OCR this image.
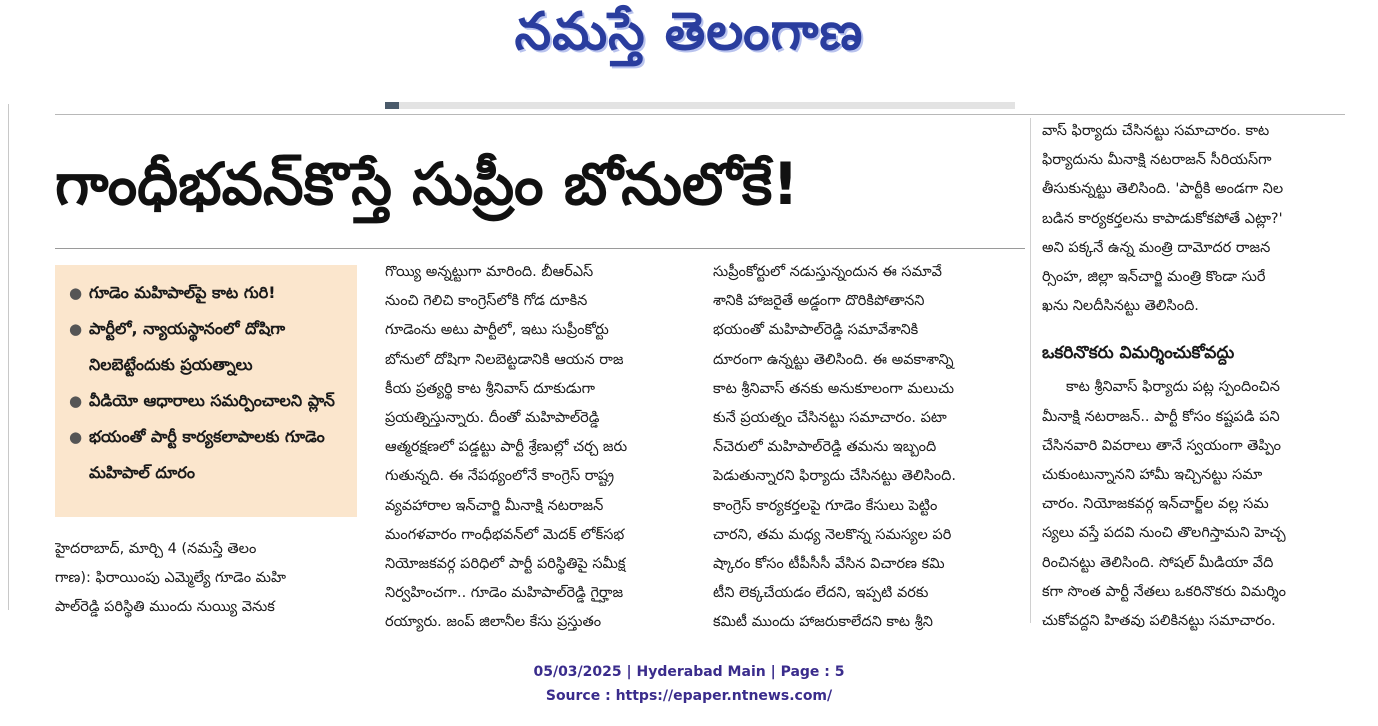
నమస్తే తెలంగాణ
గాంధీభవన్‌కొస్తే సుప్రీం బోనులోకే!
● గూడెం మహిపాల్‌పై కాట గురి!
● పార్టీలో, న్యాయస్థానంలో దోషిగా నిలబెట్టేందుకు ప్రయత్నాలు
● వీడియో ఆధారాలు సమర్పించాలని ప్లాన్
● భయంతో పార్టీ కార్యకలాపాలకు గూడెం మహిపాల్ దూరం
హైదరాబాద్, మార్చి 4 (నమస్తే తెలం
గాణ): ఫిరాయింపు ఎమ్మెల్యే గూడెం మహి
పాల్‌రెడ్డి పరిస్థితి ముందు నుయ్యి వెనుక
గొయ్యి అన్నట్టుగా మారింది. బీఆర్‌ఎస్
నుంచి గెలిచి కాంగ్రెస్‌లోకి గోడ దూకిన
గూడెంను అటు పార్టీలో, ఇటు సుప్రీంకోర్టు
బోనులో దోషిగా నిలబెట్టడానికి ఆయన రాజ
కీయ ప్రత్యర్థి కాట శ్రీనివాస్ దూకుడుగా
ప్రయత్నిస్తున్నారు. దీంతో మహిపాల్‌రెడ్డి
ఆత్మరక్షణలో పడ్డట్టు పార్టీ శ్రేణుల్లో చర్చ జరు
గుతున్నది. ఈ నేపథ్యంలోనే కాంగ్రెస్ రాష్ట్ర
వ్యవహారాల ఇన్‌చార్జి మీనాక్షి నటరాజన్
మంగళవారం గాంధీభవన్‌లో మెదక్ లోక్‌సభ
నియోజకవర్గ పరిధిలో పార్టీ పరిస్థితిపై సమీక్ష
నిర్వహించగా.. గూడెం మహిపాల్‌రెడ్డి గైర్హాజ
రయ్యారు. జంప్ జిలానీల కేసు ప్రస్తుతం
సుప్రీంకోర్టులో నడుస్తున్నందున ఈ సమావే
శానికి హాజరైతే అడ్డంగా దొరికిపోతానని
భయంతో మహిపాల్‌రెడ్డి సమావేశానికి
దూరంగా ఉన్నట్టు తెలిసింది. ఈ అవకాశాన్ని
కాట శ్రీనివాస్ తనకు అనుకూలంగా మలుచు
కునే ప్రయత్నం చేసినట్టు సమాచారం. పటా
న్‌చెరులో మహిపాల్‌రెడ్డి తమను ఇబ్బంది
పెడుతున్నారని ఫిర్యాదు చేసినట్టు తెలిసింది.
కాంగ్రెస్ కార్యకర్తలపై గూడెం కేసులు పెట్టిం
చారని, తమ మధ్య నెలకొన్న సమస్యల పరి
ష్కారం కోసం టీపీసీసీ వేసిన విచారణ కమి
టీని లెక్కచేయడం లేదని, ఇప్పటి వరకు
కమిటీ ముందు హాజరుకాలేదని కాట శ్రీని
వాస్ ఫిర్యాదు చేసినట్టు సమాచారం. కాట
ఫిర్యాదును మీనాక్షి నటరాజన్ సీరియస్‌గా
తీసుకున్నట్టు తెలిసింది. 'పార్టీకి అండగా నిల
బడిన కార్యకర్తలను కాపాడుకోకపోతే ఎట్లా?'
అని పక్కనే ఉన్న మంత్రి దామోదర రాజన
ర్సింహ, జిల్లా ఇన్‌చార్జి మంత్రి కొండా సురే
ఖను నిలదీసినట్టు తెలిసింది.
ఒకరినొకరు విమర్శించుకోవద్దు
కాట శ్రీనివాస్ ఫిర్యాదు పట్ల స్పందించిన
మీనాక్షి నటరాజన్.. పార్టీ కోసం కష్టపడి పని
చేసినవారి వివరాలు తానే స్వయంగా తెప్పిం
చుకుంటున్నానని హామీ ఇచ్చినట్టు సమా
చారం. నియోజకవర్గ ఇన్‌చార్జ్‌ల వల్ల సమ
స్యలు వస్తే పదవి నుంచి తొలగిస్తామని హెచ్చ
రించినట్టు తెలిసింది. సోషల్ మీడియా వేది
కగా సొంత పార్టీ నేతలు ఒకరినొకరు విమర్శిం
చుకోవద్దని హితవు పలికినట్టు సమాచారం.
05/03/2025 | Hyderabad Main | Page : 5
Source : https://epaper.ntnews.com/
